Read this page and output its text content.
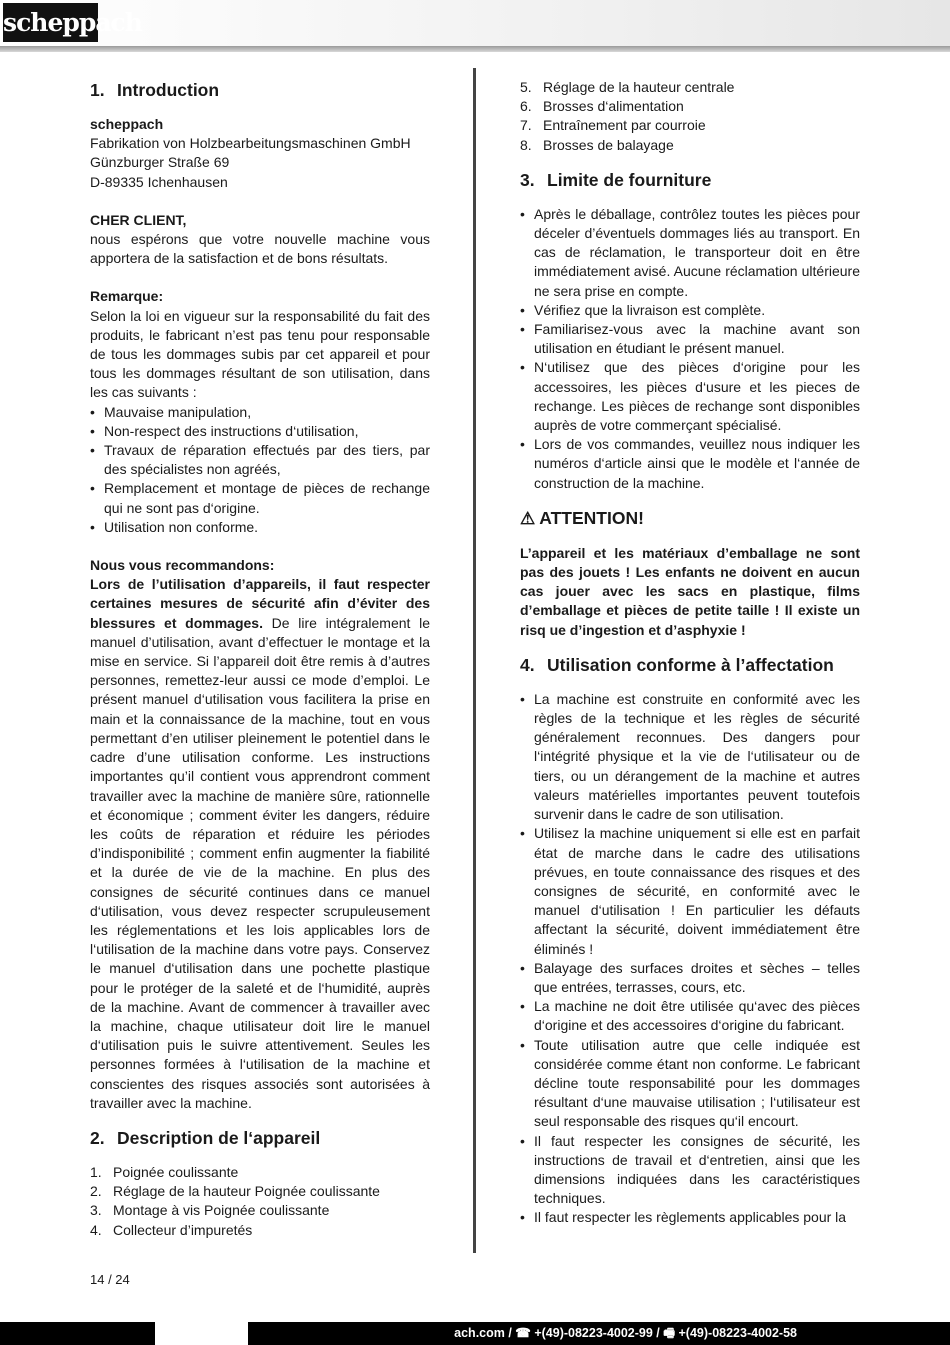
scheppach
1. Introduction

scheppach

Fabrikation von Holzbearbeitungsmaschinen GmbH

Günzburger Straße 69

D-89335 Ichenhausen

CHER CLIENT,

nous espérons que votre nouvelle machine vous apportera de la satisfaction et de bons résultats.

Remarque:

Selon la loi en vigueur sur la responsabilité du fait des produits, le fabricant n’est pas tenu pour responsable de tous les dommages subis par cet appareil et pour tous les dommages résultant de son utilisation, dans les cas suivants :

• Mauvaise manipulation,
• Non-respect des instructions d‘utilisation,
• Travaux de réparation effectués par des tiers, par des spécialistes non agréés,
• Remplacement et montage de pièces de rechange qui ne sont pas d‘origine.
• Utilisation non conforme.

Nous vous recommandons:

Lors de l’utilisation d’appareils, il faut respecter certaines mesures de sécurité afin d’éviter des blessures et dommages. De lire intégralement le manuel d’utilisation, avant d’effectuer le montage et la mise en service. Si l’appareil doit être remis à d’autres personnes, remettez-leur aussi ce mode d’emploi. Le présent manuel d‘utilisation vous facilitera la prise en main et la connaissance de la machine, tout en vous permettant d’en utiliser pleinement le potentiel dans le cadre d’une utilisation conforme. Les instructions importantes qu’il contient vous apprendront comment travailler avec la machine de manière sûre, rationnelle et économique ; comment éviter les dangers, réduire les coûts de réparation et réduire les périodes d’indisponibilité ; comment enfin augmenter la fiabilité et la durée de vie de la machine. En plus des consignes de sécurité continues dans ce manuel d‘utilisation, vous devez respecter scrupuleusement les réglementations et les lois applicables lors de l‘utilisation de la machine dans votre pays. Conservez le manuel d‘utilisation dans une pochette plastique pour le protéger de la saleté et de l‘humidité, auprès de la machine. Avant de commencer à travailler avec la machine, chaque utilisateur doit lire le manuel d‘utilisation puis le suivre attentivement. Seules les personnes formées à l‘utilisation de la machine et conscientes des risques associés sont autorisées à travailler avec la machine.

2. Description de l‘appareil
1. Poignée coulissante
2. Réglage de la hauteur Poignée coulissante
3. Montage à vis Poignée coulissante
4. Collecteur d’impuretés
5. Réglage de la hauteur centrale
6. Brosses d‘alimentation
7. Entraînement par courroie
8. Brosses de balayage
3. Limite de fourniture
• Après le déballage, contrôlez toutes les pièces pour déceler d’éventuels dommages liés au transport. En cas de réclamation, le transporteur doit en être immédiatement avisé. Aucune réclamation ultérieure ne sera prise en compte.
• Vérifiez que la livraison est complète.
• Familiarisez-vous avec la machine avant son utilisation en étudiant le présent manuel.
• N‘utilisez que des pièces d‘origine pour les accessoires, les pièces d‘usure et les pieces de rechange. Les pièces de rechange sont disponibles auprès de votre commerçant spécialisé.
• Lors de vos commandes, veuillez nous indiquer les numéros d‘article ainsi que le modèle et l‘année de construction de la machine.
⚠ ATTENTION!

L’appareil et les matériaux d’emballage ne sont pas des jouets ! Les enfants ne doivent en aucun cas jouer avec les sacs en plastique, films d’emballage et pièces de petite taille ! Il existe un risq ue d’ingestion et d’asphyxie !

4. Utilisation conforme à l’affectation
• La machine est construite en conformité avec les règles de la technique et les règles de sécurité généralement reconnues. Des dangers pour l‘intégrité physique et la vie de l‘utilisateur ou de tiers, ou un dérangement de la machine et autres valeurs matérielles importantes peuvent toutefois survenir dans le cadre de son utilisation.
• Utilisez la machine uniquement si elle est en parfait état de marche dans le cadre des utilisations prévues, en toute connaissance des risques et des consignes de sécurité, en conformité avec le manuel d‘utilisation ! En particulier les défauts affectant la sécurité, doivent immédiatement être éliminés !
• Balayage des surfaces droites et sèches – telles que entrées, terrasses, cours, etc.
• La machine ne doit être utilisée qu‘avec des pièces d‘origine et des accessoires d‘origine du fabricant.
• Toute utilisation autre que celle indiquée est considérée comme étant non conforme. Le fabricant décline toute responsabilité pour les dommages résultant d‘une mauvaise utilisation ; l‘utilisateur est seul responsable des risques qu‘il encourt.
• Il faut respecter les consignes de sécurité, les instructions de travail et d‘entretien, ainsi que les dimensions indiquées dans les caractéristiques techniques.
• Il faut respecter les règlements applicables pour la
14 / 24
ach.com / ☎ +(49)-08223-4002-99 / 🖷 +(49)-08223-4002-58
